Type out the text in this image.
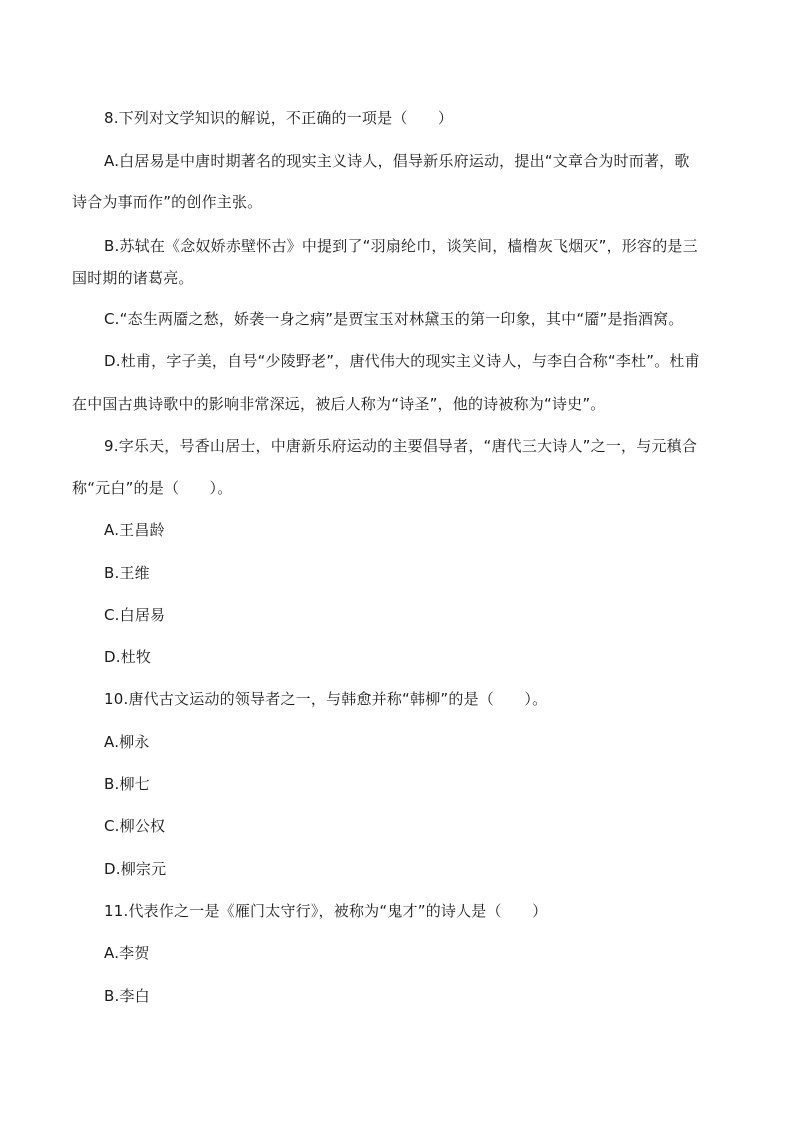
8.下列对文学知识的解说，不正确的一项是（　　）
A.白居易是中唐时期著名的现实主义诗人，倡导新乐府运动，提出“文章合为时而著，歌
诗合为事而作”的创作主张。
B.苏轼在《念奴娇赤壁怀古》中提到了“羽扇纶巾，谈笑间，樯橹灰飞烟灭”，形容的是三
国时期的诸葛亮。
C.“态生两靥之愁，娇袭一身之病”是贾宝玉对林黛玉的第一印象，其中“靥”是指酒窝。
D.杜甫，字子美，自号“少陵野老”，唐代伟大的现实主义诗人，与李白合称“李杜”。杜甫
在中国古典诗歌中的影响非常深远，被后人称为“诗圣”，他的诗被称为“诗史”。
9.字乐天，号香山居士，中唐新乐府运动的主要倡导者，“唐代三大诗人”之一，与元稹合
称“元白”的是（　　）。
A.王昌龄
B.王维
C.白居易
D.杜牧
10.唐代古文运动的领导者之一，与韩愈并称“韩柳”的是（　　）。
A.柳永
B.柳七
C.柳公权
D.柳宗元
11.代表作之一是《雁门太守行》，被称为“鬼才”的诗人是（　　）
A.李贺
B.李白
